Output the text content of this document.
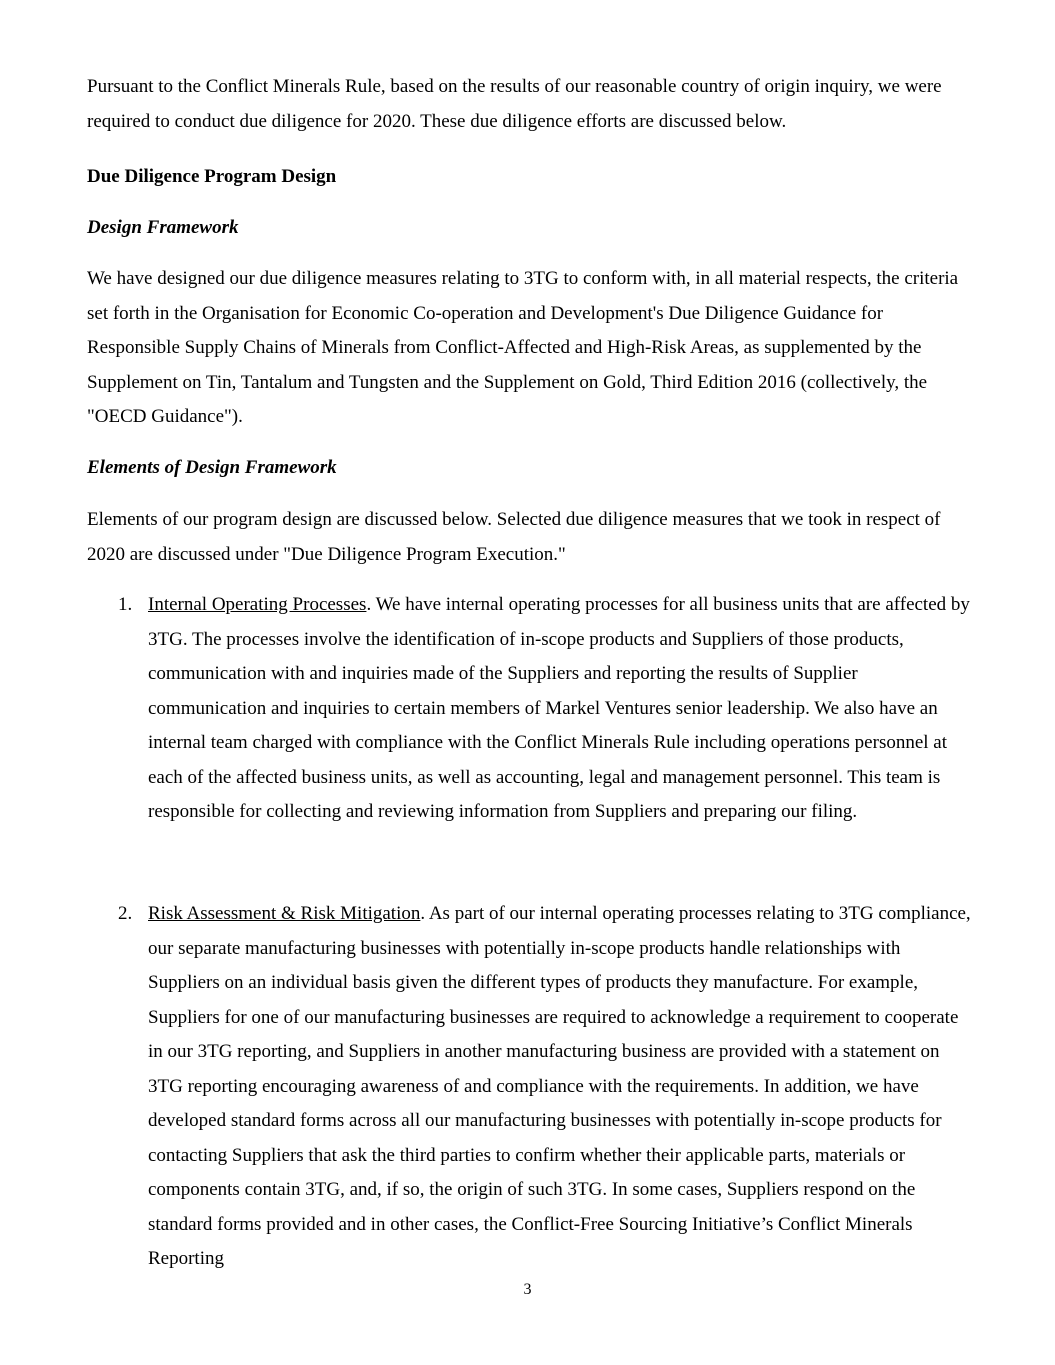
Pursuant to the Conflict Minerals Rule, based on the results of our reasonable country of origin inquiry, we were required to conduct due diligence for 2020. These due diligence efforts are discussed below.

Due Diligence Program Design

Design Framework

We have designed our due diligence measures relating to 3TG to conform with, in all material respects, the criteria set forth in the Organisation for Economic Co-operation and Development's Due Diligence Guidance for Responsible Supply Chains of Minerals from Conflict-Affected and High-Risk Areas, as supplemented by the Supplement on Tin, Tantalum and Tungsten and the Supplement on Gold, Third Edition 2016 (collectively, the "OECD Guidance").

Elements of Design Framework

Elements of our program design are discussed below. Selected due diligence measures that we took in respect of 2020 are discussed under "Due Diligence Program Execution."

1. Internal Operating Processes. We have internal operating processes for all business units that are affected by 3TG. The processes involve the identification of in-scope products and Suppliers of those products, communication with and inquiries made of the Suppliers and reporting the results of Supplier communication and inquiries to certain members of Markel Ventures senior leadership. We also have an internal team charged with compliance with the Conflict Minerals Rule including operations personnel at each of the affected business units, as well as accounting, legal and management personnel. This team is responsible for collecting and reviewing information from Suppliers and preparing our filing.
2. Risk Assessment & Risk Mitigation. As part of our internal operating processes relating to 3TG compliance, our separate manufacturing businesses with potentially in-scope products handle relationships with Suppliers on an individual basis given the different types of products they manufacture. For example, Suppliers for one of our manufacturing businesses are required to acknowledge a requirement to cooperate in our 3TG reporting, and Suppliers in another manufacturing business are provided with a statement on 3TG reporting encouraging awareness of and compliance with the requirements. In addition, we have developed standard forms across all our manufacturing businesses with potentially in-scope products for contacting Suppliers that ask the third parties to confirm whether their applicable parts, materials or components contain 3TG, and, if so, the origin of such 3TG. In some cases, Suppliers respond on the standard forms provided and in other cases, the Conflict-Free Sourcing Initiative’s Conflict Minerals Reporting
3
